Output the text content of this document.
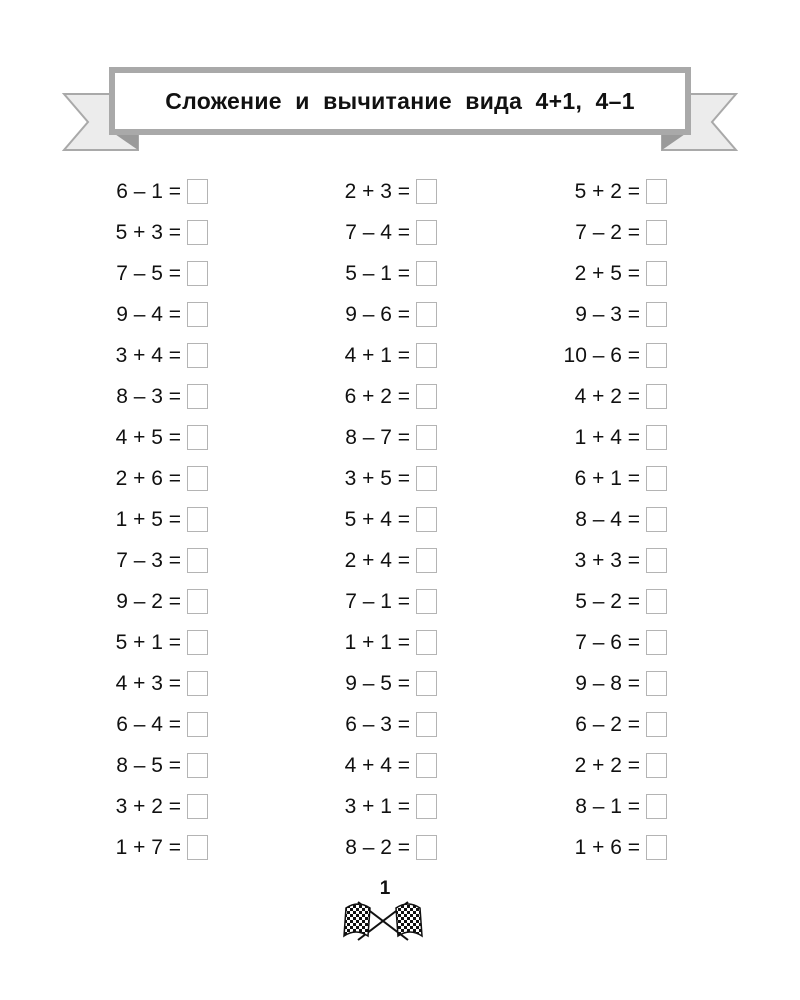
Сложение  и  вычитание  вида  4+1,  4–1
6 – 1 =
5 + 3 =
7 – 5 =
9 – 4 =
3 + 4 =
8 – 3 =
4 + 5 =
2 + 6 =
1 + 5 =
7 – 3 =
9 – 2 =
5 + 1 =
4 + 3 =
6 – 4 =
8 – 5 =
3 + 2 =
1 + 7 =
2 + 3 =
7 – 4 =
5 – 1 =
9 – 6 =
4 + 1 =
6 + 2 =
8 – 7 =
3 + 5 =
5 + 4 =
2 + 4 =
7 – 1 =
1 + 1 =
9 – 5 =
6 – 3 =
4 + 4 =
3 + 1 =
8 – 2 =
5 + 2 =
7 – 2 =
2 + 5 =
9 – 3 =
10 – 6 =
4 + 2 =
1 + 4 =
6 + 1 =
8 – 4 =
3 + 3 =
5 – 2 =
7 – 6 =
9 – 8 =
6 – 2 =
2 + 2 =
8 – 1 =
1 + 6 =
1
